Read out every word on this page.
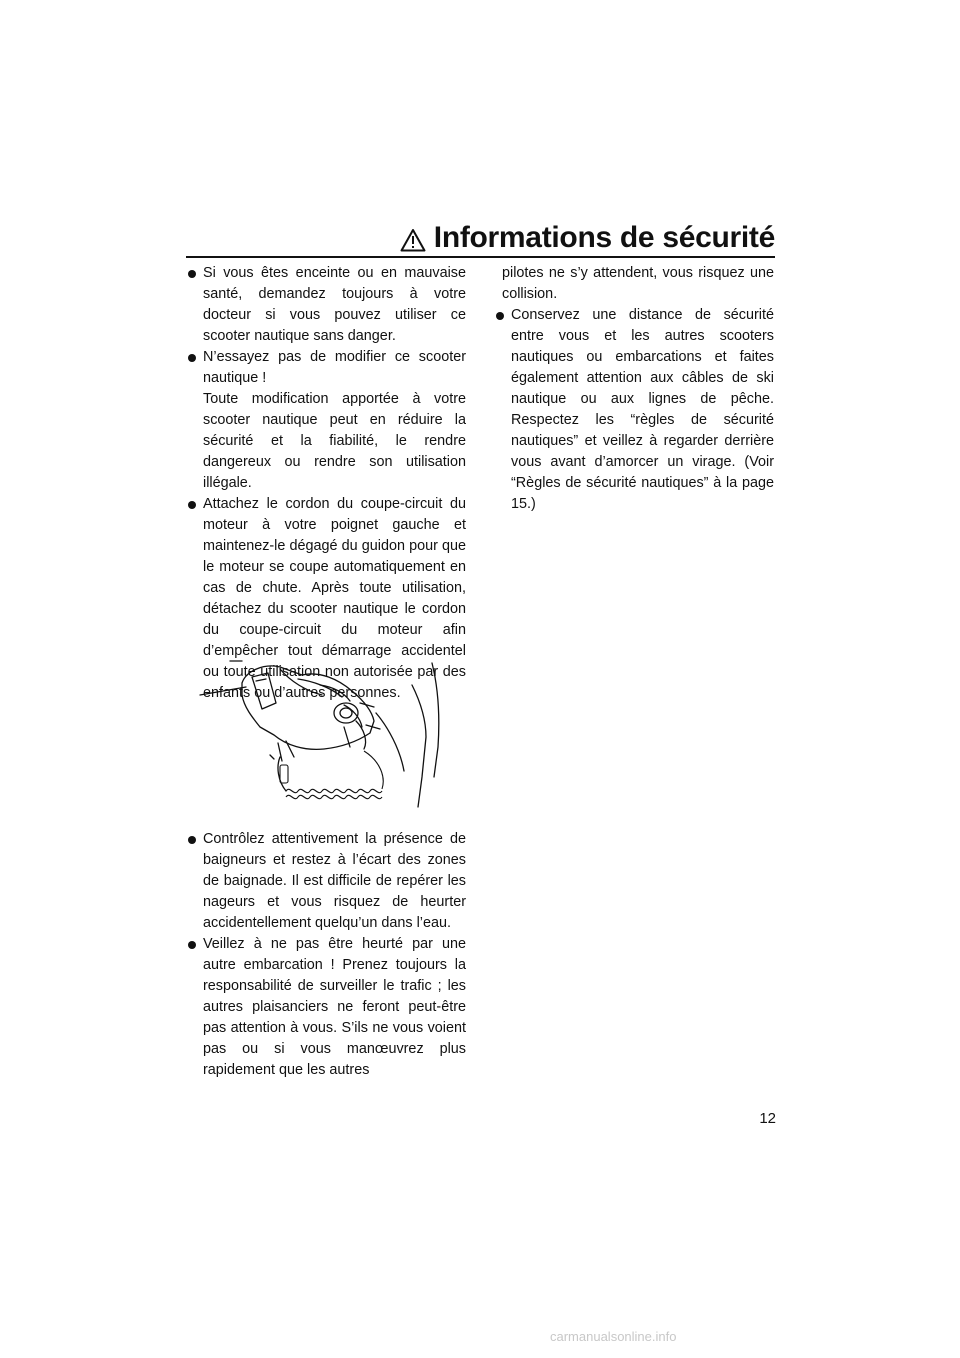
Informations de sécurité

Si vous êtes enceinte ou en mauvaise santé, demandez toujours à votre docteur si vous pouvez utiliser ce scooter nautique sans danger.

N’essayez pas de modifier ce scooter nautique !

Toute modification apportée à votre scooter nautique peut en réduire la sécurité et la fiabilité, le rendre dangereux ou rendre son utilisation illégale.

Attachez le cordon du coupe-circuit du moteur à votre poignet gauche et maintenez-le dégagé du guidon pour que le moteur se coupe automatiquement en cas de chute. Après toute utilisation, détachez du scooter nautique le cordon du coupe-circuit du moteur afin d’empêcher tout démarrage accidentel ou toute utilisation non autorisée par des enfants ou d’autres personnes.

Contrôlez attentivement la présence de baigneurs et restez à l’écart des zones de baignade. Il est difficile de repérer les nageurs et vous risquez de heurter accidentellement quelqu’un dans l’eau.

Veillez à ne pas être heurté par une autre embarcation ! Prenez toujours la responsabilité de surveiller le trafic ; les autres plaisanciers ne feront peut-être pas attention à vous. S’ils ne vous voient pas ou si vous manœuvrez plus rapidement que les autres

pilotes ne s’y attendent, vous risquez une collision.

Conservez une distance de sécurité entre vous et les autres scooters nautiques ou embarcations et faites également attention aux câbles de ski nautique ou aux lignes de pêche. Respectez les “règles de sécurité nautiques” et veillez à regarder derrière vous avant d’amorcer un virage. (Voir “Règles de sécurité nautiques” à la page 15.)

12
carmanualsonline.info
